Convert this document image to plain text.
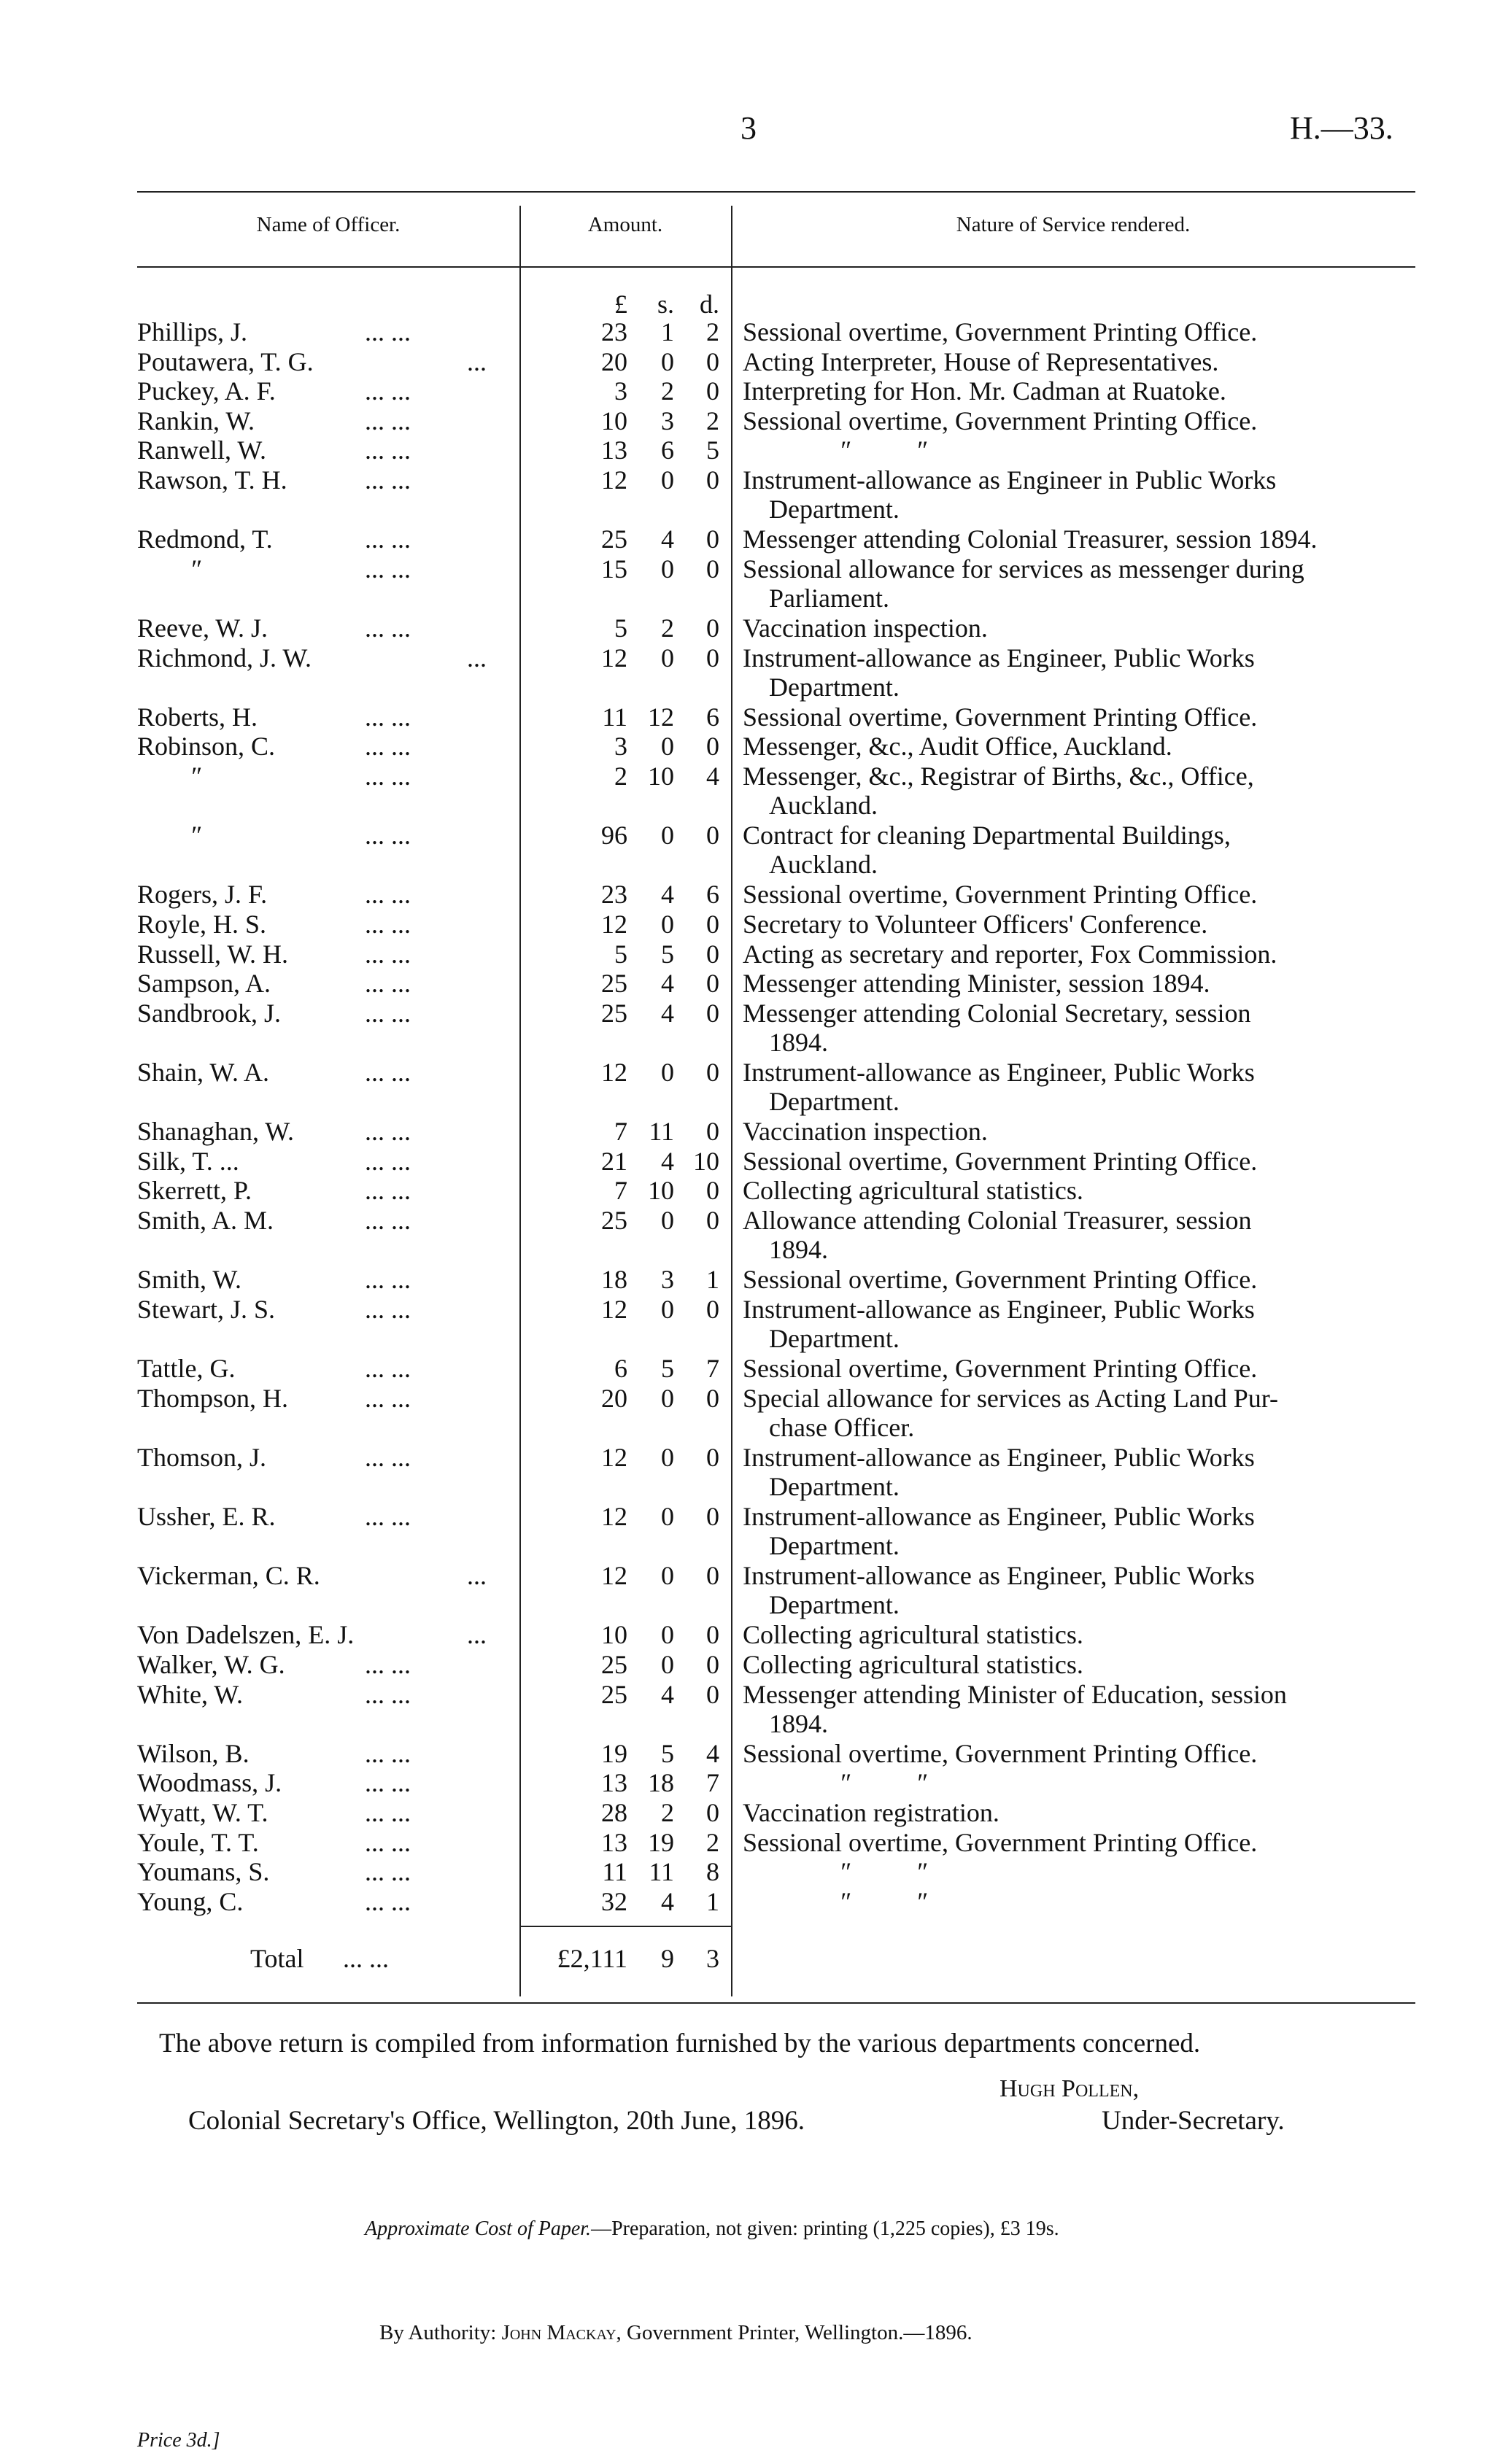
3	H.—33.
Name of Officer.	Amount.	Nature of Service rendered.
£	s. d.
Phillips, J.	... ...	23	1	2 Sessional overtime, Government Printing Office.
Poutawera, T. G.	...	20	0	0 Acting Interpreter, House of Representatives.
Puckey, A. F.	... ...	3	2	0 Interpreting for Hon. Mr. Cadman at Ruatoke.
Rankin, W.	... ...	10	3	2 Sessional overtime, Government Printing Office.
Ranwell, W.	... ...	13	6	5	″          ″
Rawson, T. H.	... ...	12	0	0 Instrument-allowance as Engineer in Public Works
Department.
Redmond, T.	... ...	25	4	0 Messenger attending Colonial Treasurer, session 1894.
″	... ...	15	0	0 Sessional allowance for services as messenger during
Parliament.
Reeve, W. J.	... ...	5	2	0 Vaccination inspection.
Richmond, J. W.	...	12	0	0 Instrument-allowance as Engineer, Public Works
Department.
Roberts, H.	... ...	11 12	6 Sessional overtime, Government Printing Office.
Robinson, C.	... ...	3	0	0 Messenger, &c., Audit Office, Auckland.
″	... ...	2 10	4 Messenger, &c., Registrar of Births, &c., Office,
Auckland.
″	... ...	96	0	0 Contract for cleaning Departmental Buildings,
Auckland.
Rogers, J. F.	... ...	23	4	6 Sessional overtime, Government Printing Office.
Royle, H. S.	... ...	12	0	0 Secretary to Volunteer Officers' Conference.
Russell, W. H.	... ...	5	5	0 Acting as secretary and reporter, Fox Commission.
Sampson, A.	... ...	25	4	0 Messenger attending Minister, session 1894.
Sandbrook, J.	... ...	25	4	0 Messenger attending Colonial Secretary, session
1894.
Shain, W. A.	... ...	12	0	0 Instrument-allowance as Engineer, Public Works
Department.
Shanaghan, W.	... ...	7 11	0 Vaccination inspection.
Silk, T. ...	... ...	21	4 10 Sessional overtime, Government Printing Office.
Skerrett, P.	... ...	7 10	0 Collecting agricultural statistics.
Smith, A. M.	... ...	25	0	0 Allowance attending Colonial Treasurer, session
1894.
Smith, W.	... ...	18	3	1 Sessional overtime, Government Printing Office.
Stewart, J. S.	... ...	12	0	0 Instrument-allowance as Engineer, Public Works
Department.
Tattle, G.	... ...	6	5	7 Sessional overtime, Government Printing Office.
Thompson, H.	... ...	20	0	0 Special allowance for services as Acting Land Pur-
chase Officer.
Thomson, J.	... ...	12	0	0 Instrument-allowance as Engineer, Public Works
Department.
Ussher, E. R.	... ...	12	0	0 Instrument-allowance as Engineer, Public Works
Department.
Vickerman, C. R.	...	12	0	0 Instrument-allowance as Engineer, Public Works
Department.
Von Dadelszen, E. J.	...	10	0	0 Collecting agricultural statistics.
Walker, W. G.	... ...	25	0	0 Collecting agricultural statistics.
White, W.	... ...	25	4	0 Messenger attending Minister of Education, session
1894.
Wilson, B.	... ...	19	5	4 Sessional overtime, Government Printing Office.
Woodmass, J.	... ...	13 18	7	″          ″
Wyatt, W. T.	... ...	28	2	0 Vaccination registration.
Youle, T. T.	... ...	13 19	2 Sessional overtime, Government Printing Office.
Youmans, S.	... ...	11 11	8	″          ″
Young, C.	... ...	32	4	1	″          ″
Total ... ...	£2,111	9	3
The above return is compiled from information furnished by the various departments concerned.
Hugh Pollen,
Colonial Secretary's Office, Wellington, 20th June, 1896.	Under-Secretary.
Approximate Cost of Paper.—Preparation, not given: printing (1,225 copies), £3 19s.
By Authority: John Mackay, Government Printer, Wellington.—1896.
Price 3d.]
